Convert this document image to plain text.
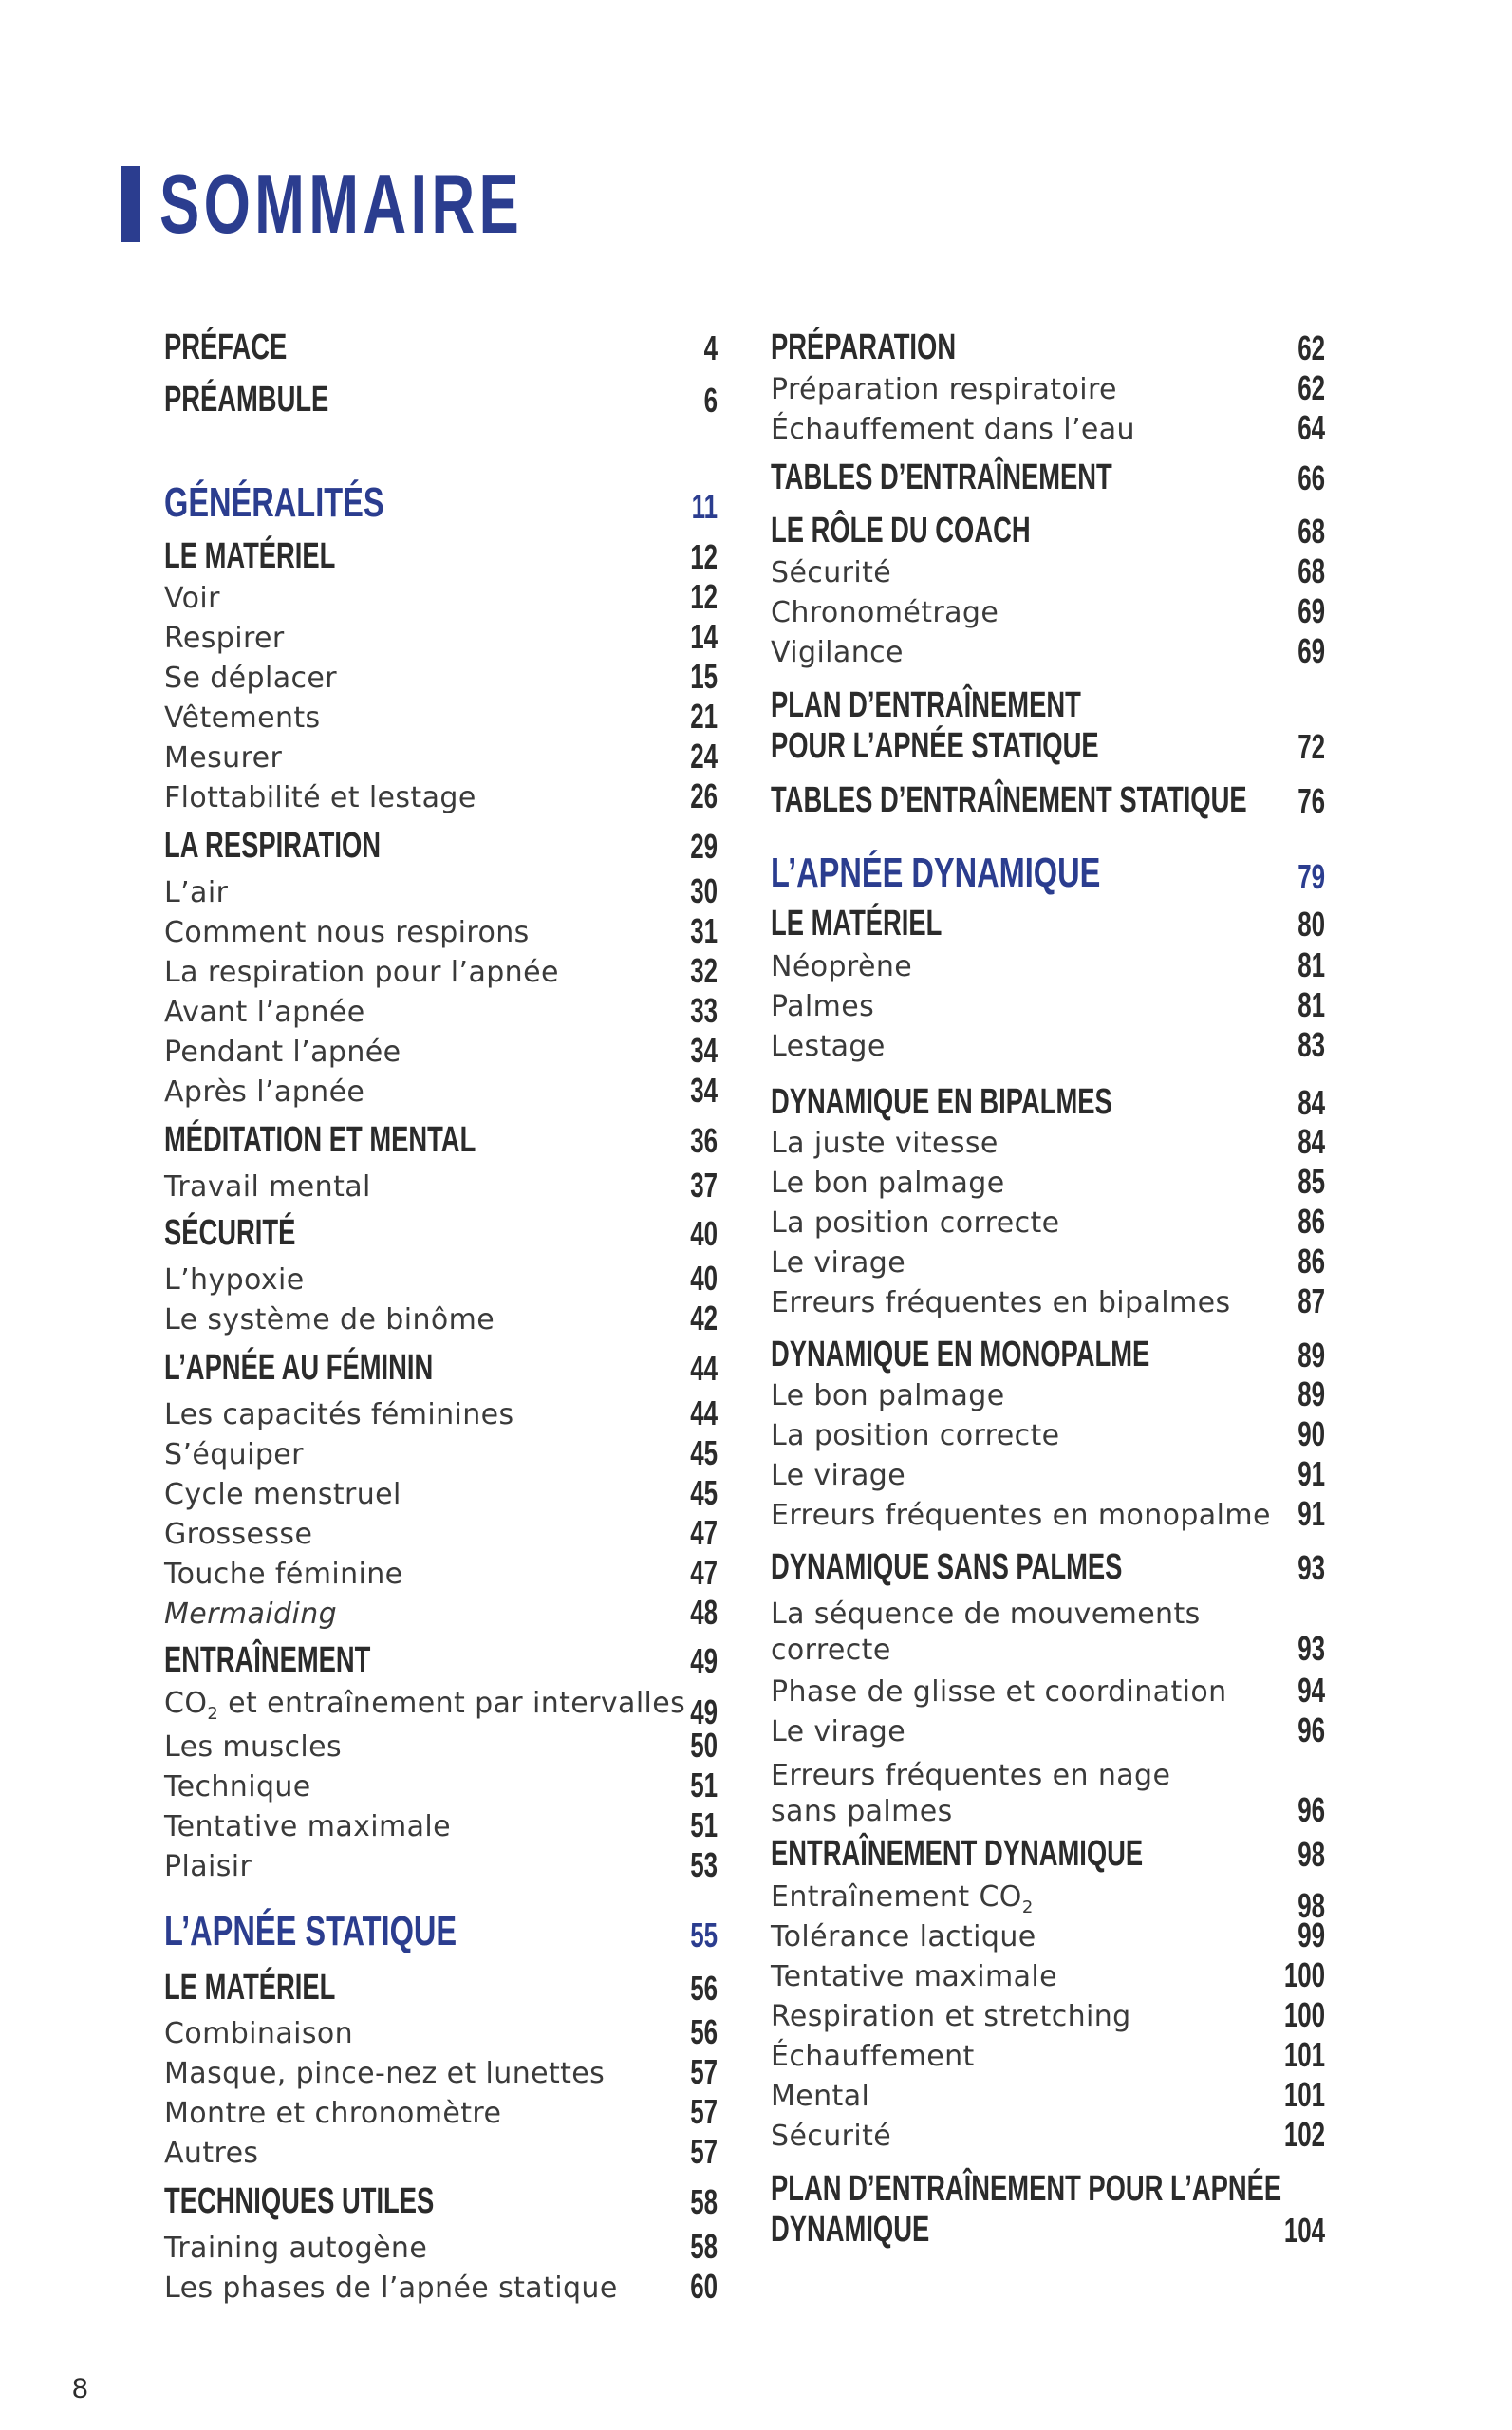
SOMMAIRE
PRÉFACE	4
PRÉAMBULE	6
GÉNÉRALITÉS	11
LE MATÉRIEL	12
Voir	12
Respirer	14
Se déplacer	15
Vêtements	21
Mesurer	24
Flottabilité et lestage	26
LA RESPIRATION	29
L’air	30
Comment nous respirons	31
La respiration pour l’apnée	32
Avant l’apnée	33
Pendant l’apnée	34
Après l’apnée	34
MÉDITATION ET MENTAL	36
Travail mental	37
SÉCURITÉ	40
L’hypoxie	40
Le système de binôme	42
L’APNÉE AU FÉMININ	44
Les capacités féminines	44
S’équiper	45
Cycle menstruel	45
Grossesse	47
Touche féminine	47
Mermaiding	48
ENTRAÎNEMENT	49
$CO_2$ et entraînement par intervalles 49
Les muscles	50
Technique	51
Tentative maximale	51
Plaisir	53
L’APNÉE STATIQUE	55
LE MATÉRIEL	56
Combinaison	56
Masque, pince-nez et lunettes	57
Montre et chronomètre	57
Autres	57
TECHNIQUES UTILES	58
Training autogène	58
Les phases de l’apnée statique	60
PRÉPARATION	62
Préparation respiratoire	62
Échauffement dans l’eau	64
TABLES D’ENTRAÎNEMENT	66
LE RÔLE DU COACH	68
Sécurité	68
Chronométrage	69
Vigilance	69
PLAN D’ENTRAÎNEMENT
POUR L’APNÉE STATIQUE	72
TABLES D’ENTRAÎNEMENT STATIQUE 76
L’APNÉE DYNAMIQUE	79
LE MATÉRIEL	80
Néoprène	81
Palmes	81
Lestage	83
DYNAMIQUE EN BIPALMES	84
La juste vitesse	84
Le bon palmage	85
La position correcte	86
Le virage	86
Erreurs fréquentes en bipalmes	87
DYNAMIQUE EN MONOPALME	89
Le bon palmage	89
La position correcte	90
Le virage	91
Erreurs fréquentes en monopalme 91
DYNAMIQUE SANS PALMES	93
La séquence de mouvements
correcte	93
Phase de glisse et coordination	94
Le virage	96
Erreurs fréquentes en nage
sans palmes	96
ENTRAÎNEMENT DYNAMIQUE	98
Entraînement $CO_2$	98
Tolérance lactique	99
Tentative maximale	100
Respiration et stretching	100
Échauffement	101
Mental	101
Sécurité	102
PLAN D’ENTRAÎNEMENT POUR L’APNÉE
DYNAMIQUE	104
8
